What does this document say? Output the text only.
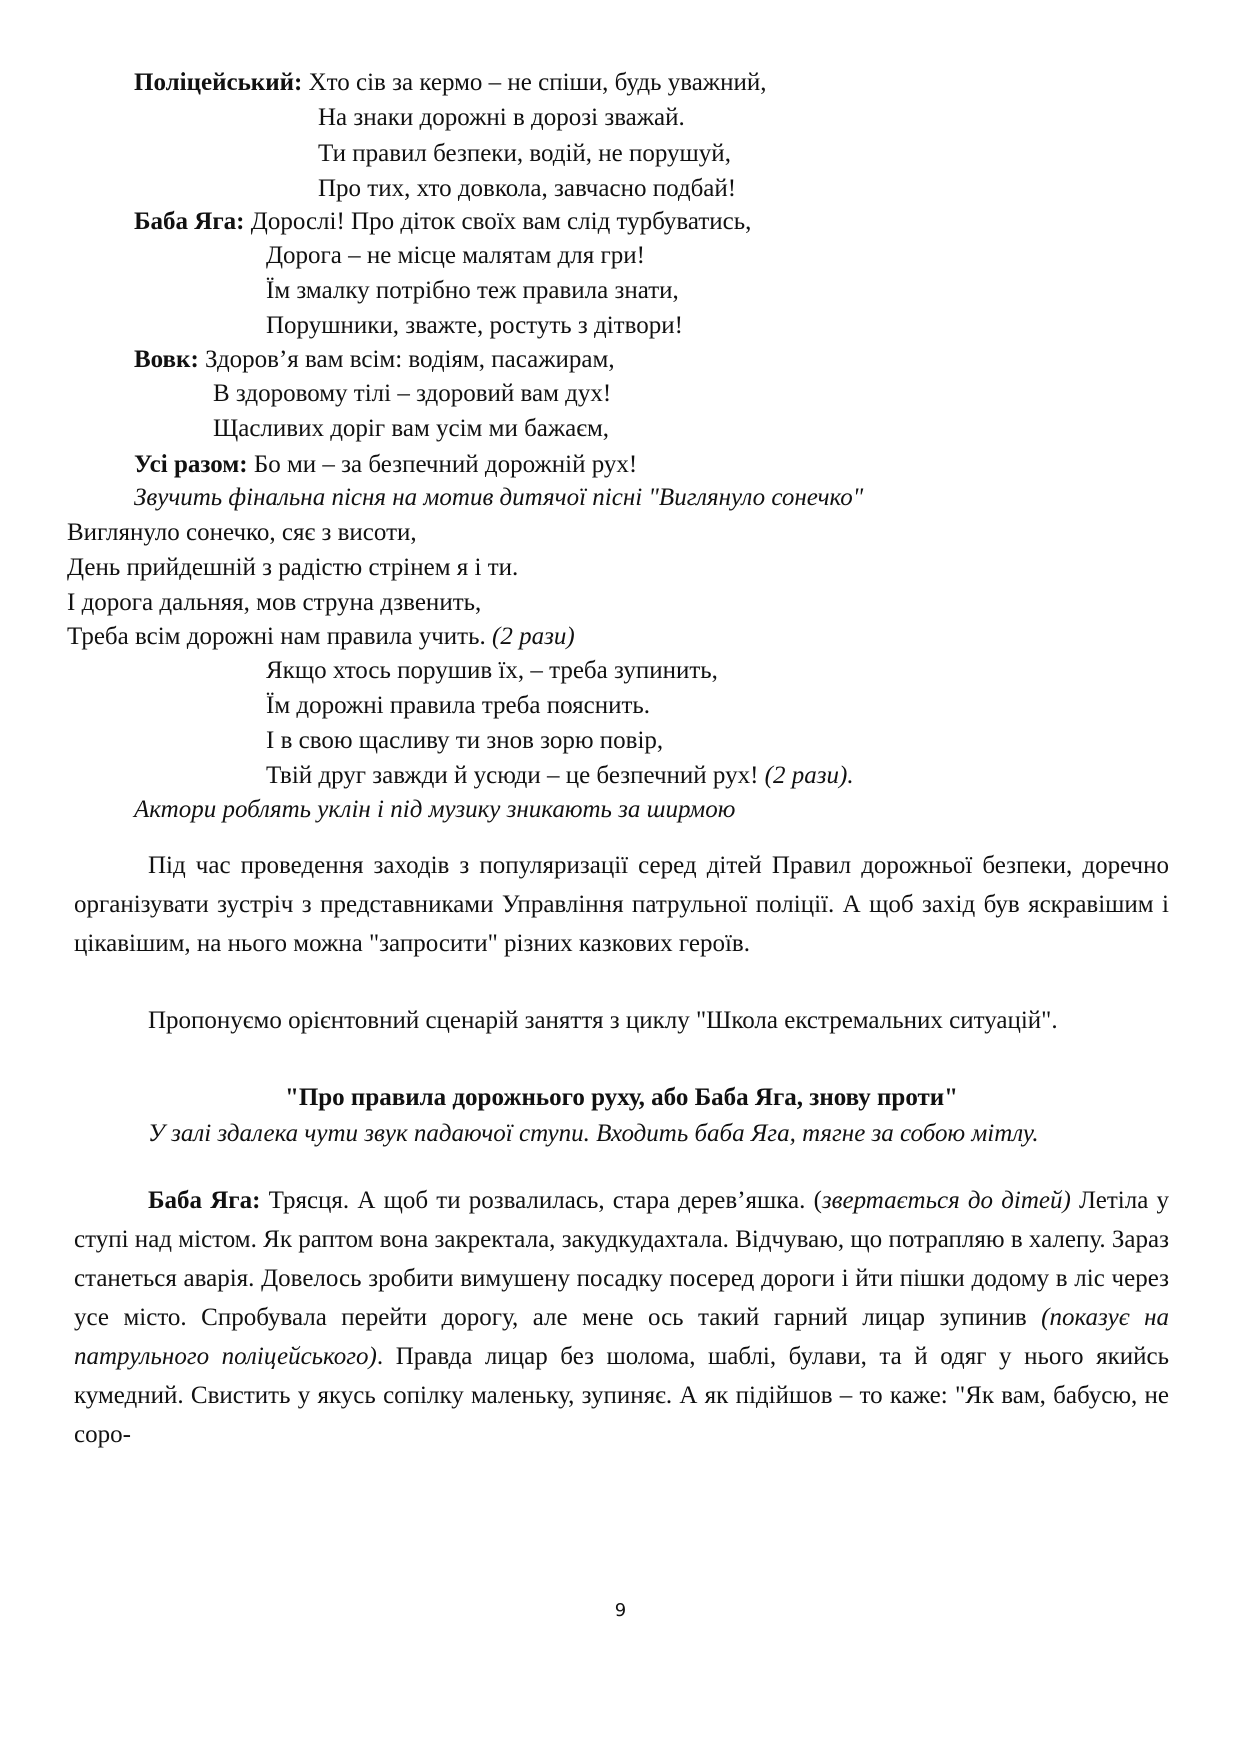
Поліцейський: Хто сів за кермо – не спіши, будь уважний,
На знаки дорожні в дорозі зважай.
Ти правил безпеки, водій, не порушуй,
Про тих, хто довкола, завчасно подбай!
Баба Яга: Дорослі! Про діток своїх вам слід турбуватись,
Дорога – не місце малятам для гри!
Їм змалку потрібно теж правила знати,
Порушники, зважте, ростуть з дітвори!
Вовк: Здоров’я вам всім: водіям, пасажирам,
В здоровому тілі – здоровий вам дух!
Щасливих доріг вам усім ми бажаєм,
Усі разом: Бо ми – за безпечний дорожній рух!
Звучить фінальна пісня на мотив дитячої пісні "Виглянуло сонечко"
Виглянуло сонечко, сяє з висоти,
День прийдешній з радістю стрінем я і ти.
І дорога дальняя, мов струна дзвенить,
Треба всім дорожні нам правила учить. (2 рази)
Якщо хтось порушив їх, – треба зупинить,
Їм дорожні правила треба пояснить.
І в свою щасливу ти знов зорю повір,
Твій друг завжди й усюди – це безпечний рух! (2 рази).
Актори роблять уклін і під музику зникають за ширмою
Під час проведення заходів з популяризації серед дітей Правил дорожньої безпеки, доречно організувати зустріч з представниками Управління патрульної поліції. А щоб захід був яскравішим і цікавішим, на нього можна "запросити" різних казкових героїв.
Пропонуємо орієнтовний сценарій заняття з циклу "Школа екстремальних ситуацій".
"Про правила дорожнього руху, або Баба Яга, знову проти"
У залі здалека чути звук падаючої ступи. Входить баба Яга, тягне за собою мітлу.
Баба Яга: Трясця. А щоб ти розвалилась, стара дерев’яшка. (звертається до дітей) Летіла у ступі над містом. Як раптом вона закректала, закудкудахтала. Відчуваю, що потрапляю в халепу. Зараз станеться аварія. Довелось зробити вимушену посадку посеред дороги і йти пішки додому в ліс через усе місто. Спробувала перейти дорогу, але мене ось такий гарний лицар зупинив (показує на патрульного поліцейського). Правда лицар без шолома, шаблі, булави, та й одяг у нього якийсь кумедний. Свистить у якусь сопілку маленьку, зупиняє. А як підійшов – то каже: "Як вам, бабусю, не соро-
9
